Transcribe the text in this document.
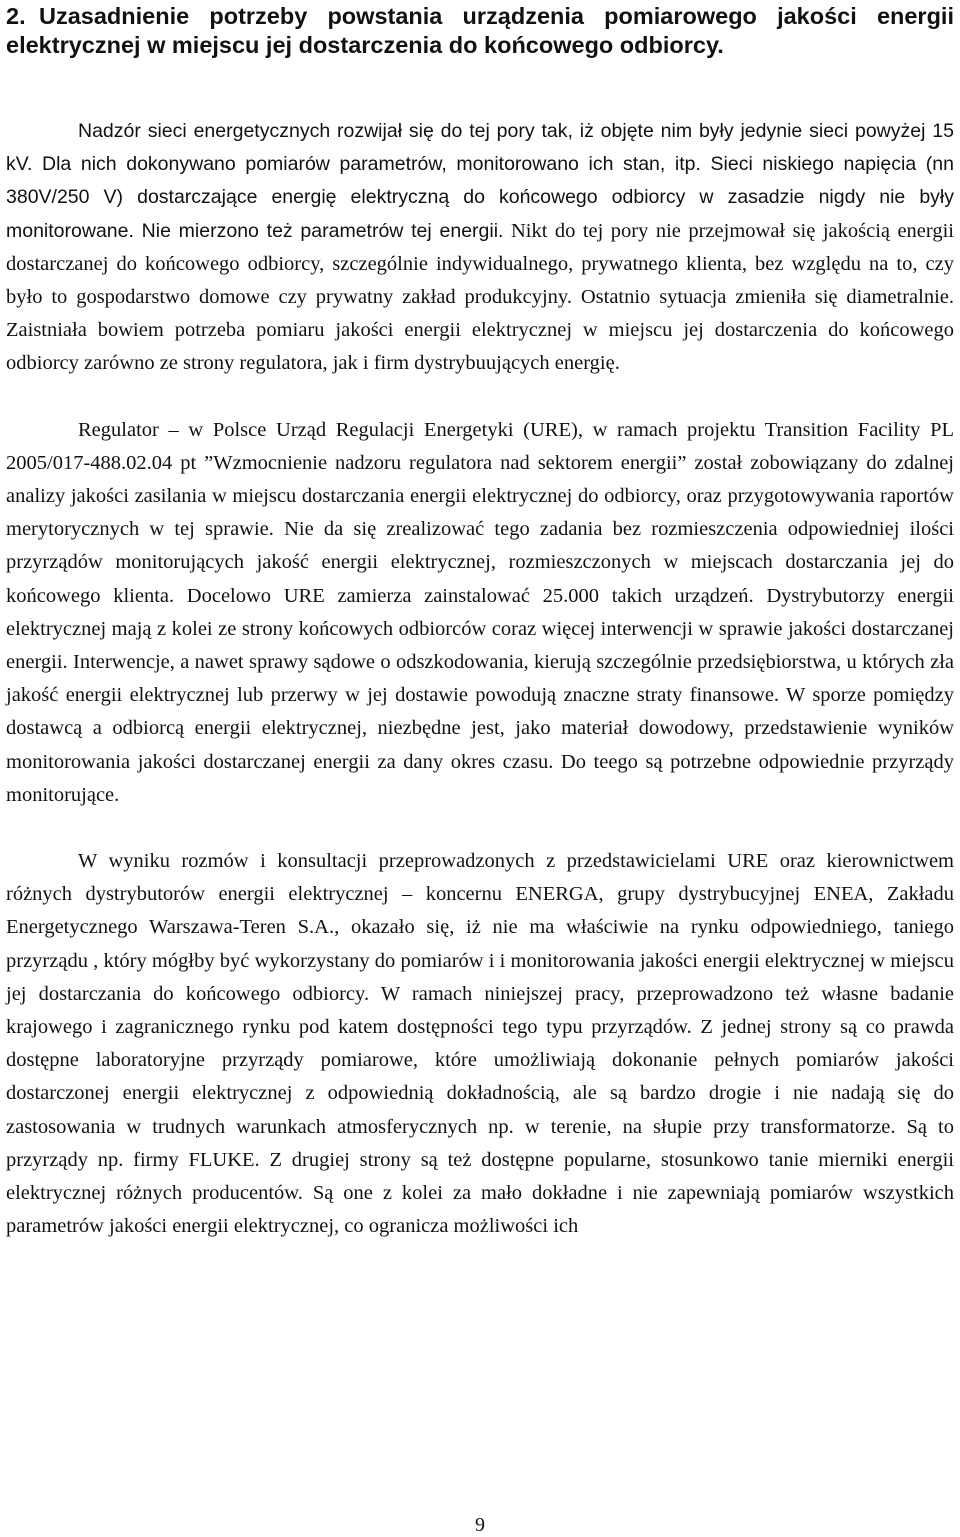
2. Uzasadnienie potrzeby powstania urządzenia pomiarowego jakości energii elektrycznej w miejscu jej dostarczenia do końcowego odbiorcy.

Nadzór sieci energetycznych rozwijał się do tej pory tak, iż objęte nim były jedynie sieci powyżej 15 kV. Dla nich dokonywano pomiarów parametrów, monitorowano ich stan, itp. Sieci niskiego napięcia (nn 380V/250 V) dostarczające energię elektryczną do końcowego odbiorcy w zasadzie nigdy nie były monitorowane. Nie mierzono też parametrów tej energii. Nikt do tej pory nie przejmował się jakością energii dostarczanej do końcowego odbiorcy, szczególnie indywidualnego, prywatnego klienta, bez względu na to, czy było to gospodarstwo domowe czy prywatny zakład produkcyjny. Ostatnio sytuacja zmieniła się diametralnie. Zaistniała bowiem potrzeba pomiaru jakości energii elektrycznej w miejscu jej dostarczenia do końcowego odbiorcy zarówno ze strony regulatora, jak i firm dystrybuujących energię.

Regulator – w Polsce Urząd Regulacji Energetyki (URE), w ramach projektu Transition Facility PL 2005/017-488.02.04 pt ”Wzmocnienie nadzoru regulatora nad sektorem energii” został zobowiązany do zdalnej analizy jakości zasilania w miejscu dostarczania energii elektrycznej do odbiorcy, oraz przygotowywania raportów merytorycznych w tej sprawie. Nie da się zrealizować tego zadania bez rozmieszczenia odpowiedniej ilości przyrządów monitorujących jakość energii elektrycznej, rozmieszczonych w miejscach dostarczania jej do końcowego klienta. Docelowo URE zamierza zainstalować 25.000 takich urządzeń. Dystrybutorzy energii elektrycznej mają z kolei ze strony końcowych odbiorców coraz więcej interwencji w sprawie jakości dostarczanej energii. Interwencje, a nawet sprawy sądowe o odszkodowania, kierują szczególnie przedsiębiorstwa, u których zła jakość energii elektrycznej lub przerwy w jej dostawie powodują znaczne straty finansowe. W sporze pomiędzy dostawcą a odbiorcą energii elektrycznej, niezbędne jest, jako materiał dowodowy, przedstawienie wyników monitorowania jakości dostarczanej energii za dany okres czasu. Do teego są potrzebne odpowiednie przyrządy monitorujące.

W wyniku rozmów i konsultacji przeprowadzonych z przedstawicielami URE oraz kierownictwem różnych dystrybutorów energii elektrycznej – koncernu ENERGA, grupy dystrybucyjnej ENEA, Zakładu Energetycznego Warszawa-Teren S.A., okazało się, iż nie ma właściwie na rynku odpowiedniego, taniego przyrządu , który mógłby być wykorzystany do pomiarów i i monitorowania jakości energii elektrycznej w miejscu jej dostarczania do końcowego odbiorcy. W ramach niniejszej pracy, przeprowadzono też własne badanie krajowego i zagranicznego rynku pod katem dostępności tego typu przyrządów. Z jednej strony są co prawda dostępne laboratoryjne przyrządy pomiarowe, które umożliwiają dokonanie pełnych pomiarów jakości dostarczonej energii elektrycznej z odpowiednią dokładnością, ale są bardzo drogie i nie nadają się do zastosowania w trudnych warunkach atmosferycznych np. w terenie, na słupie przy transformatorze. Są to przyrządy np. firmy FLUKE. Z drugiej strony są też dostępne popularne, stosunkowo tanie mierniki energii elektrycznej różnych producentów. Są one z kolei za mało dokładne i nie zapewniają pomiarów wszystkich parametrów jakości energii elektrycznej, co ogranicza możliwości ich

9
